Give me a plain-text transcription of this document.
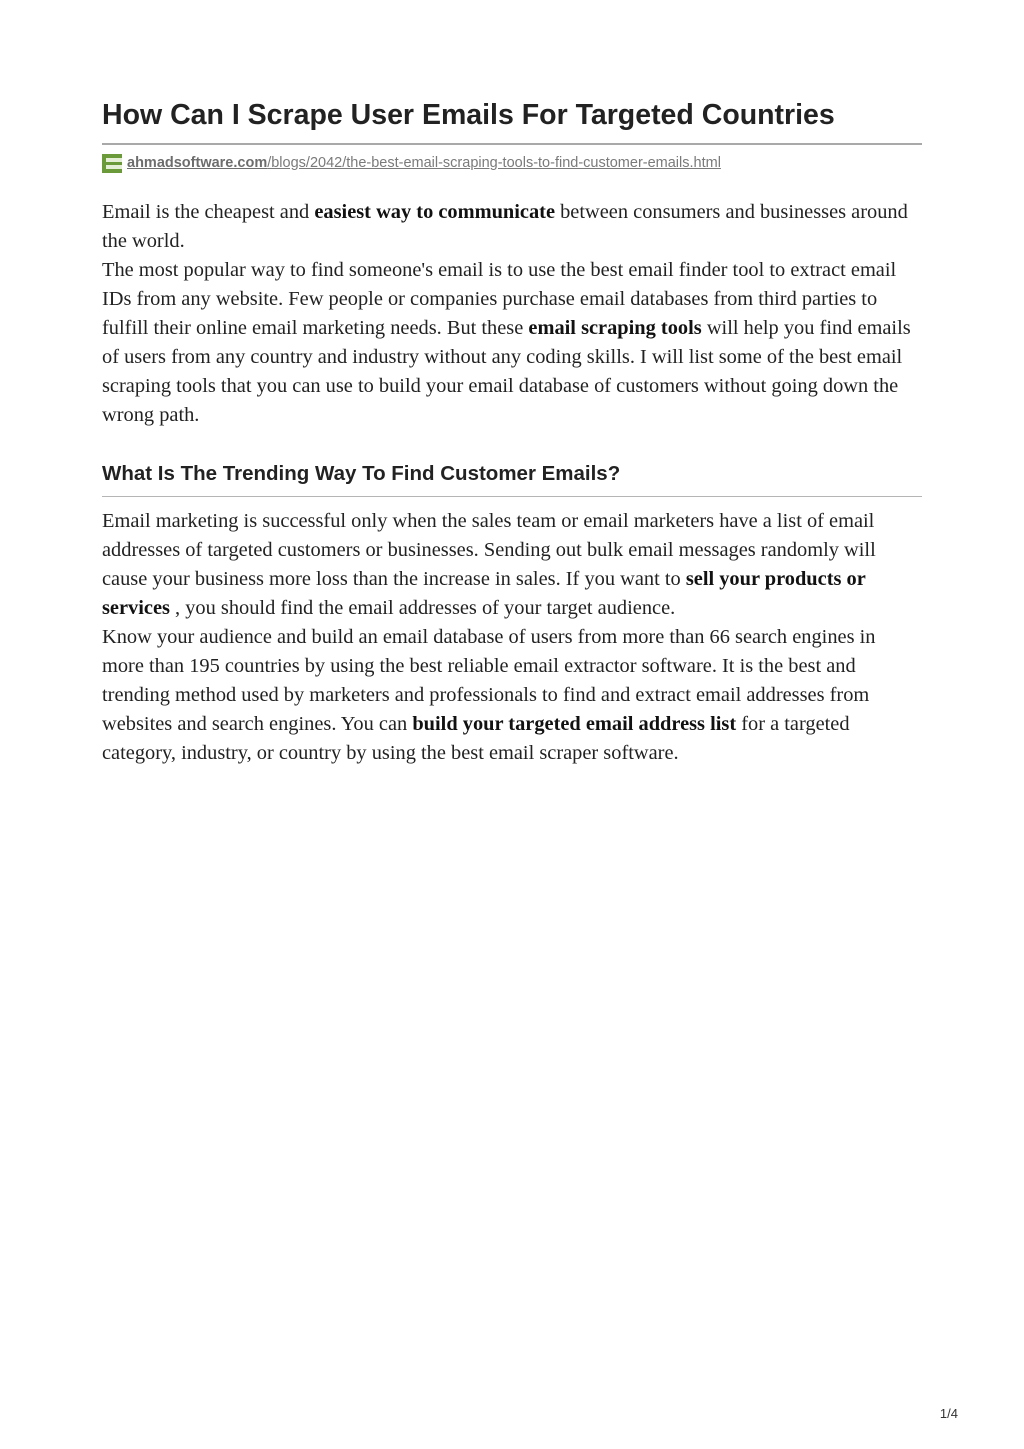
How Can I Scrape User Emails For Targeted Countries
ahmadsoftware.com/blogs/2042/the-best-email-scraping-tools-to-find-customer-emails.html

Email is the cheapest and easiest way to communicate between consumers and businesses around the world.

The most popular way to find someone's email is to use the best email finder tool to extract email IDs from any website. Few people or companies purchase email databases from third parties to fulfill their online email marketing needs. But these email scraping tools will help you find emails of users from any country and industry without any coding skills. I will list some of the best email scraping tools that you can use to build your email database of customers without going down the wrong path.

What Is The Trending Way To Find Customer Emails?

Email marketing is successful only when the sales team or email marketers have a list of email addresses of targeted customers or businesses. Sending out bulk email messages randomly will cause your business more loss than the increase in sales. If you want to sell your products or services , you should find the email addresses of your target audience.

Know your audience and build an email database of users from more than 66 search engines in more than 195 countries by using the best reliable email extractor software. It is the best and trending method used by marketers and professionals to find and extract email addresses from websites and search engines. You can build your targeted email address list for a targeted category, industry, or country by using the best email scraper software.

1/4
